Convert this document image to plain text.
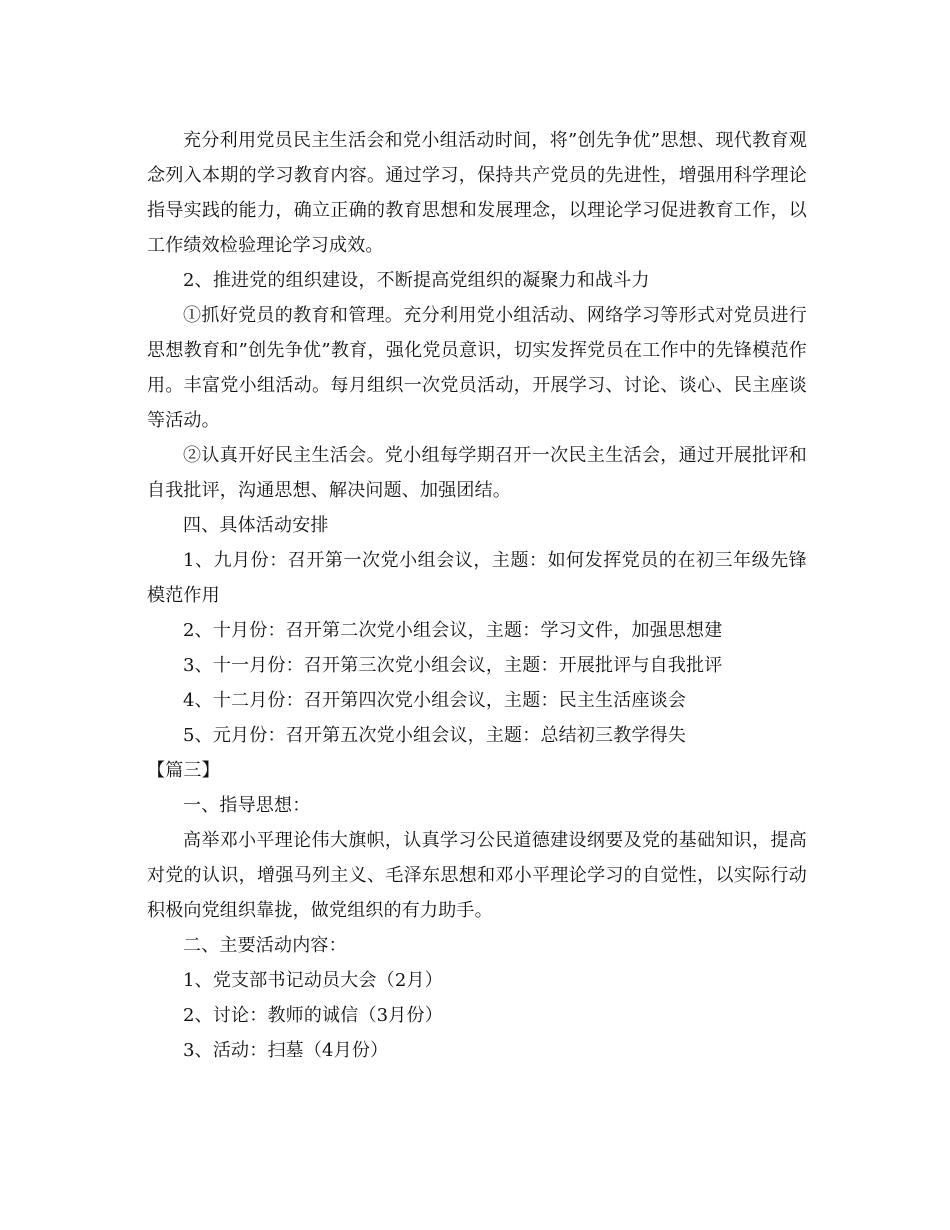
充分利用党员民主生活会和党小组活动时间，将”创先争优”思想、现代教育观念列入本期的学习教育内容。通过学习，保持共产党员的先进性，增强用科学理论指导实践的能力，确立正确的教育思想和发展理念，以理论学习促进教育工作，以工作绩效检验理论学习成效。

2、推进党的组织建设，不断提高党组织的凝聚力和战斗力

①抓好党员的教育和管理。充分利用党小组活动、网络学习等形式对党员进行思想教育和”创先争优”教育，强化党员意识，切实发挥党员在工作中的先锋模范作用。丰富党小组活动。每月组织一次党员活动，开展学习、讨论、谈心、民主座谈等活动。

②认真开好民主生活会。党小组每学期召开一次民主生活会，通过开展批评和自我批评，沟通思想、解决问题、加强团结。

四、具体活动安排

1、九月份：召开第一次党小组会议，主题：如何发挥党员的在初三年级先锋模范作用

2、十月份：召开第二次党小组会议，主题：学习文件，加强思想建

3、十一月份：召开第三次党小组会议，主题：开展批评与自我批评

4、十二月份：召开第四次党小组会议，主题：民主生活座谈会

5、元月份：召开第五次党小组会议，主题：总结初三教学得失

【篇三】

一、指导思想：

高举邓小平理论伟大旗帜，认真学习公民道德建设纲要及党的基础知识，提高对党的认识，增强马列主义、毛泽东思想和邓小平理论学习的自觉性，以实际行动积极向党组织靠拢，做党组织的有力助手。

二、主要活动内容：

1、党支部书记动员大会（2月）

2、讨论：教师的诚信（3月份）

3、活动：扫墓（4月份）
